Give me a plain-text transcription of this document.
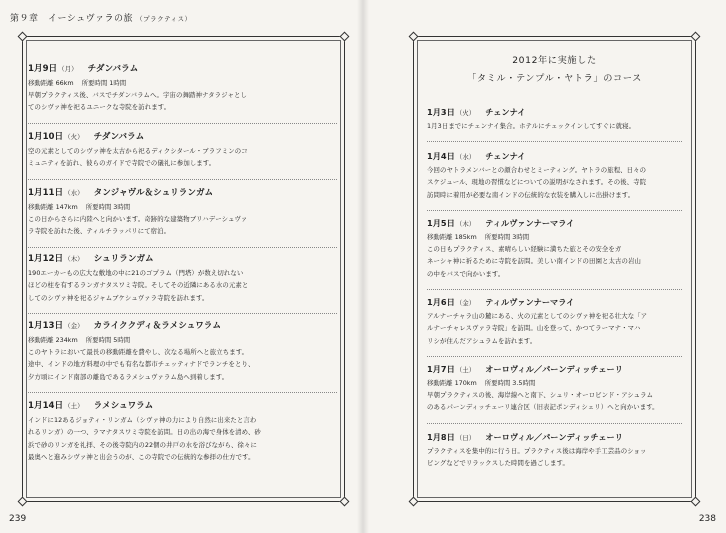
第９章　イーシュヴァラの旅 （プラクティス）
1月9日（月） チダンバラム
移動距離 66km 所要時間 1時間
早朝プラクティス後、バスでチダンバラムへ。宇宙の舞踏神ナタラジャとし
てのシヴァ神を祀るユニークな寺院を訪れます。
1月10日（火） チダンバラム
空の元素としてのシヴァ神を太古から祀るディクシタール・ブラフミンのコ
ミュニティを訪れ、彼らのガイドで寺院での儀礼に参加します。
1月11日（水） タンジャヴル＆シュリランガム
移動距離 147km 所要時間 3時間
この日からさらに内陸へと向かいます。奇跡的な建築物ブリハデーシュヴァ
ラ寺院を訪れた後、ティルチラッパリにて宿泊。
1月12日（木） シュリランガム
190エーカーもの広大な敷地の中に21のゴプラム（門塔）が数え切れない
ほどの柱を有するランガナタスワミ寺院。そしてその近隣にある水の元素と
してのシヴァ神を祀るジャムブケシュヴァラ寺院を訪れます。
1月13日（金） カライククディ＆ラメシュワラム
移動距離 234km 所要時間 5時間
このヤトラにおいて最長の移動距離を費やし、次なる場所へと旅立ちます。
途中、インドの地方料理の中でも有名な都市チェッティナドでランチをとり、
夕方頃にインド南部の離島であるラメシュヴァラム島へ到着します。
1月14日（土） ラメシュワラム
インドに12あるジョティ・リンガム（シヴァ神の力により自然に出来たと言わ
れるリンガ）の一つ、ラマナタスワミ寺院を訪問。日の出の海で身体を清め、砂
浜で砂のリンガを礼拝、その後寺院内の22個の井戸の水を浴びながら、徐々に
最奥へと進みシヴァ神と出会うのが、この寺院での伝統的な参拝の仕方です。
239
2012年に実施した
「タミル・テンプル・ヤトラ」のコース
1月3日（火） チェンナイ
1月3日までにチェンナイ集合。ホテルにチェックインしてすぐに就寝。
1月4日（水） チェンナイ
今回のヤトラメンバーとの顔合わせとミーティング。ヤトラの旅程、日々の
スケジュール、現地の習慣などについての説明がなされます。その後、寺院
訪問時に着用が必要な南インドの伝統的な衣装を購入しに出掛けます。
1月5日（木） ティルヴァンナーマライ
移動距離 185km 所要時間 3時間
この日もプラクティス、素晴らしい経験に満ちた旅とその安全をガ
ネーシャ神に祈るために寺院を訪問。美しい南インドの田園と太古の岩山
の中をバスで向かいます。
1月6日（金） ティルヴァンナーマライ
アルナーチャラ山の麓にある、火の元素としてのシヴァ神を祀る壮大な「ア
ルナーチャレスヴァラ寺院」を訪問。山を登って、かつてラーマナ・マハ
リシが住んだアシュラムを訪れます。
1月7日（土） オーロヴィル／パーンディッチェーリ
移動距離 170km 所要時間 3.5時間
早朝プラクティスの後、海岸線へと南下、シュリ・オーロビンド・アシュラム
のあるパーンディッチェーリ連合区（旧表記ポンディシェリ）へと向かいます。
1月8日（日） オーロヴィル／パーンディッチェーリ
プラクティスを集中的に行う日。プラクティス後は海岸や手工芸品のショッ
ピングなどでリラックスした時間を過ごします。
238
